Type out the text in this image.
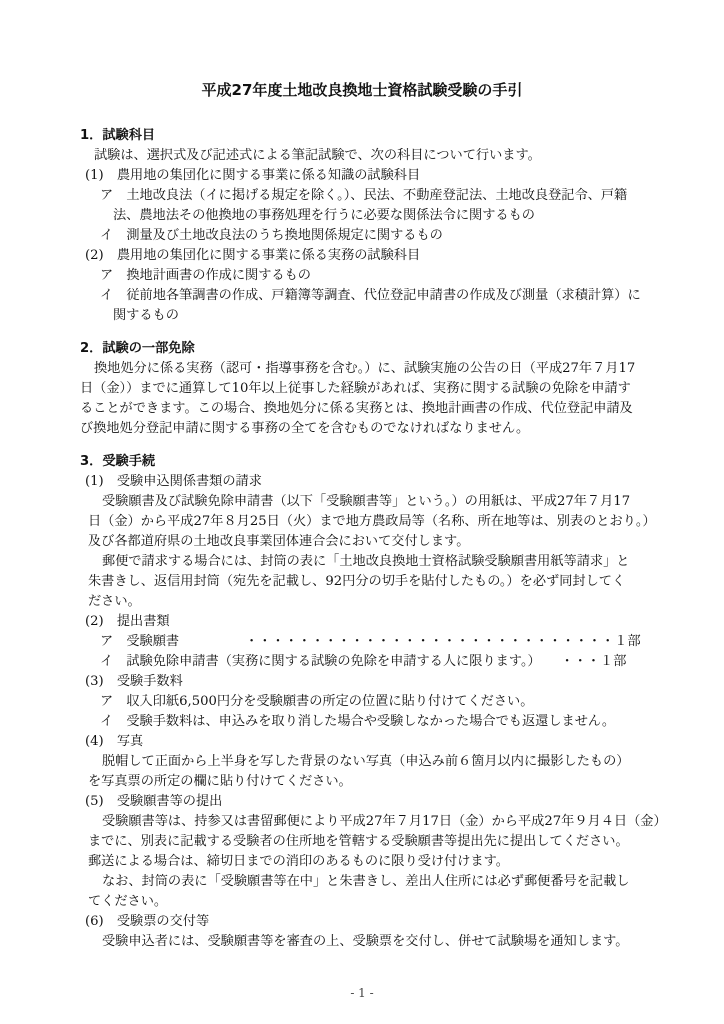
平成27年度土地改良換地士資格試験受験の手引
1．試験科目
試験は、選択式及び記述式による筆記試験で、次の科目について行います。
(1)　農用地の集団化に関する事業に係る知識の試験科目
ア　土地改良法（イに掲げる規定を除く。）、民法、不動産登記法、土地改良登記令、戸籍
法、農地法その他換地の事務処理を行うに必要な関係法令に関するもの
イ　測量及び土地改良法のうち換地関係規定に関するもの
(2)　農用地の集団化に関する事業に係る実務の試験科目
ア　換地計画書の作成に関するもの
イ　従前地各筆調書の作成、戸籍簿等調査、代位登記申請書の作成及び測量（求積計算）に
関するもの
2．試験の一部免除
換地処分に係る実務（認可・指導事務を含む。）に、試験実施の公告の日（平成27年７月17
日（金））までに通算して10年以上従事した経験があれば、実務に関する試験の免除を申請す
ることができます。この場合、換地処分に係る実務とは、換地計画書の作成、代位登記申請及
び換地処分登記申請に関する事務の全てを含むものでなければなりません。
3．受験手続
(1)　受験申込関係書類の請求
受験願書及び試験免除申請書（以下「受験願書等」という。）の用紙は、平成27年７月17
日（金）から平成27年８月25日（火）まで地方農政局等（名称、所在地等は、別表のとおり。）
及び各都道府県の土地改良事業団体連合会において交付します。
郵便で請求する場合には、封筒の表に「土地改良換地士資格試験受験願書用紙等請求」と
朱書きし、返信用封筒（宛先を記載し、92円分の切手を貼付したもの。）を必ず同封してく
ださい。
(2)　提出書類
ア　受験願書　　　　　・・・・・・・・・・・・・・・・・・・・・・・・・・・・１部
イ　試験免除申請書（実務に関する試験の免除を申請する人に限ります。）　　・・・１部
(3)　受験手数料
ア　収入印紙6,500円分を受験願書の所定の位置に貼り付けてください。
イ　受験手数料は、申込みを取り消した場合や受験しなかった場合でも返還しません。
(4)　写真
脱帽して正面から上半身を写した背景のない写真（申込み前６箇月以内に撮影したもの）
を写真票の所定の欄に貼り付けてください。
(5)　受験願書等の提出
受験願書等は、持参又は書留郵便により平成27年７月17日（金）から平成27年９月４日（金）
までに、別表に記載する受験者の住所地を管轄する受験願書等提出先に提出してください。
郵送による場合は、締切日までの消印のあるものに限り受け付けます。
なお、封筒の表に「受験願書等在中」と朱書きし、差出人住所には必ず郵便番号を記載し
てください。
(6)　受験票の交付等
受験申込者には、受験願書等を審査の上、受験票を交付し、併せて試験場を通知します。
- 1 -
